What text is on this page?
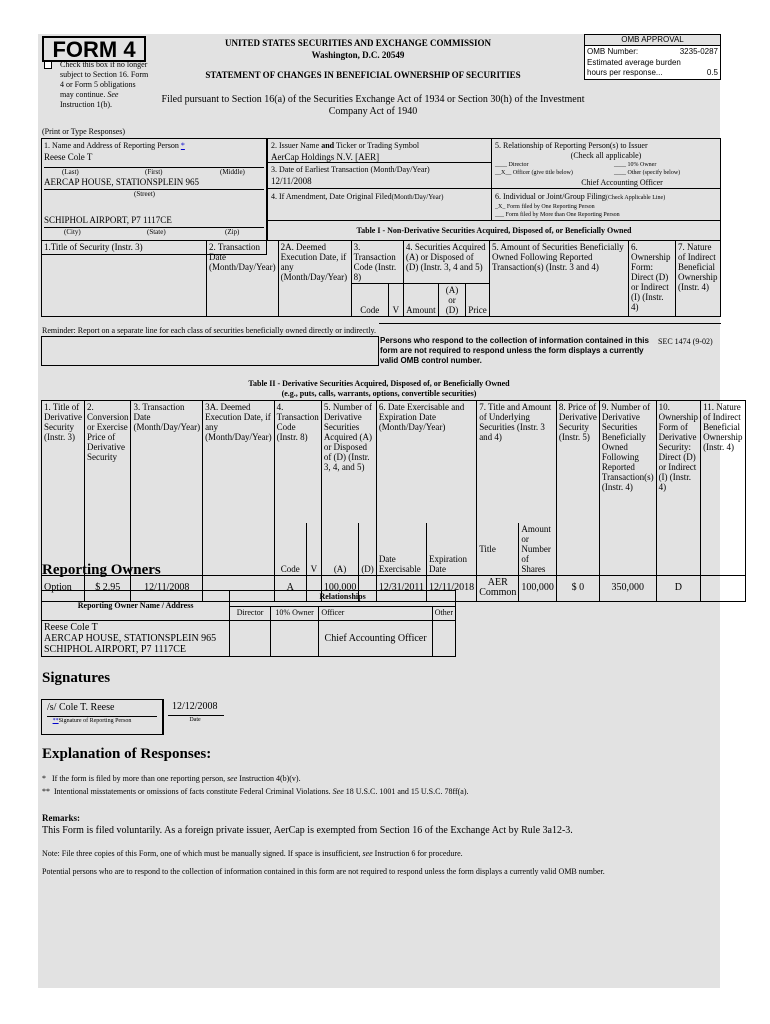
FORM 4
Check this box if no longer subject to Section 16. Form 4 or Form 5 obligations may continue. See Instruction 1(b).
UNITED STATES SECURITIES AND EXCHANGE COMMISSION
Washington, D.C. 20549
STATEMENT OF CHANGES IN BENEFICIAL OWNERSHIP OF SECURITIES
Filed pursuant to Section 16(a) of the Securities Exchange Act of 1934 or Section 30(h) of the Investment Company Act of 1940
OMB APPROVAL
OMB Number:	3235-0287
Estimated average burden
hours per response...	0.5
(Print or Type Responses)
1. Name and Address of Reporting Person *
Reese Cole T
(Last)	(First)	(Middle)
AERCAP HOUSE, STATIONSPLEIN 965
(Street)
SCHIPHOL AIRPORT, P7 1117CE
(City)	(State)	(Zip)
2. Issuer Name and Ticker or Trading Symbol
AerCap Holdings N.V. [AER]
3. Date of Earliest Transaction (Month/Day/Year)
12/11/2008
4. If Amendment, Date Original Filed(Month/Day/Year)
5. Relationship of Reporting Person(s) to Issuer
(Check all applicable)
____ Director	____ 10% Owner
__X__ Officer (give title below)	____ Other (specify below)
Chief Accounting Officer
6. Individual or Joint/Group Filing(Check Applicable Line)
_X_ Form filed by One Reporting Person
___ Form filed by More than One Reporting Person
Table I - Non-Derivative Securities Acquired, Disposed of, or Beneficially Owned
1.Title of Security (Instr. 3)	2. Transaction Date (Month/Day/Year)	2A. Deemed Execution Date, if any (Month/Day/Year)	3. Transaction Code (Instr. 8)		4. Securities Acquired (A) or Disposed of (D) (Instr. 3, 4 and 5)			5. Amount of Securities Beneficially Owned Following Reported Transaction(s) (Instr. 3 and 4)	6. Ownership Form: Direct (D) or Indirect (I) (Instr. 4)	7. Nature of Indirect Beneficial Ownership (Instr. 4)
			Code	V	Amount	(A) or (D)	Price			
Reminder: Report on a separate line for each class of securities beneficially owned directly or indirectly.
Persons who respond to the collection of information contained in this form are not required to respond unless the form displays a currently valid OMB control number.
SEC 1474 (9-02)
Table II - Derivative Securities Acquired, Disposed of, or Beneficially Owned
(e.g., puts, calls, warrants, options, convertible securities)
1. Title of Derivative Security (Instr. 3)	2. Conversion or Exercise Price of Derivative Security	3. Transaction Date (Month/Day/Year)	3A. Deemed Execution Date, if any (Month/Day/Year)	4. Transaction Code (Instr. 8)		5. Number of Derivative Securities Acquired (A) or Disposed of (D) (Instr. 3, 4, and 5)		6. Date Exercisable and Expiration Date (Month/Day/Year)		7. Title and Amount of Underlying Securities (Instr. 3 and 4)		8. Price of Derivative Security (Instr. 5)	9. Number of Derivative Securities Beneficially Owned Following Reported Transaction(s) (Instr. 4)	10. Ownership Form of Derivative Security: Direct (D) or Indirect (I) (Instr. 4)	11. Nature of Indirect Beneficial Ownership (Instr. 4)
				Code	V	(A)	(D)	Date Exercisable	Expiration Date	Title	Amount or Number of Shares				
Option	$ 2.95	12/11/2008		A		100,000		12/31/2011	12/11/2018	AER Common	100,000	$ 0	350,000	D	
Reporting Owners
Reporting Owner Name / Address	Relationships			
	Director	10% Owner	Officer	Other

Reese Cole T
AERCAP HOUSE, STATIONSPLEIN 965
SCHIPHOL AIRPORT, P7 1117CE			Chief Accounting Officer	
Signatures
/s/ Cole T. Reese
**Signature of Reporting Person
12/12/2008
Date
Explanation of Responses:
* If the form is filed by more than one reporting person, see Instruction 4(b)(v).
** Intentional misstatements or omissions of facts constitute Federal Criminal Violations. See 18 U.S.C. 1001 and 15 U.S.C. 78ff(a).
Remarks:
This Form is filed voluntarily. As a foreign private issuer, AerCap is exempted from Section 16 of the Exchange Act by Rule 3a12-3.
Note: File three copies of this Form, one of which must be manually signed. If space is insufficient, see Instruction 6 for procedure.
Potential persons who are to respond to the collection of information contained in this form are not required to respond unless the form displays a currently valid OMB number.
